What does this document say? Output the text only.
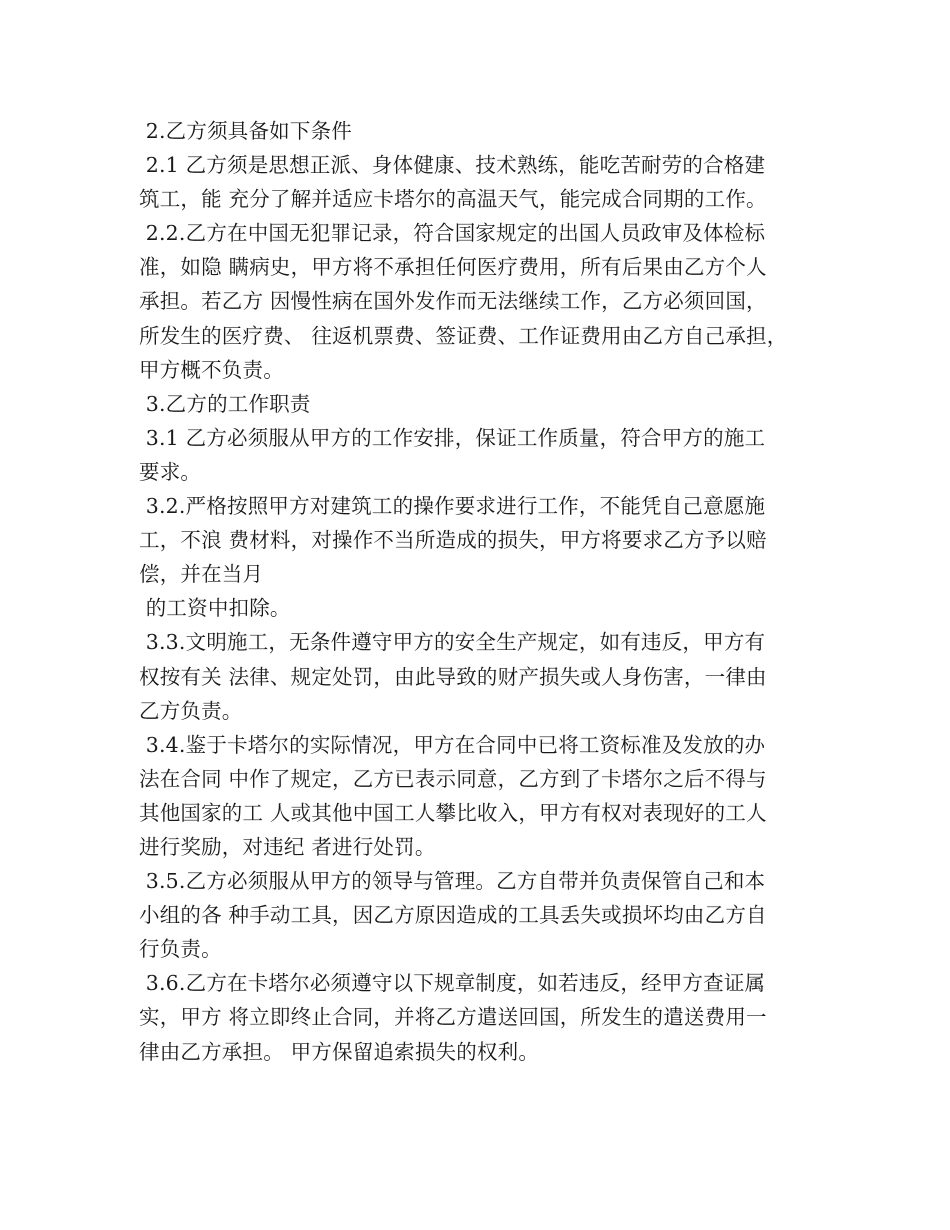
2.乙方须具备如下条件
2.1 乙方须是思想正派、身体健康、技术熟练，能吃苦耐劳的合格建
筑工，能 充分了解并适应卡塔尔的高温天气，能完成合同期的工作。
2.2.乙方在中国无犯罪记录，符合国家规定的出国人员政审及体检标
准，如隐 瞒病史，甲方将不承担任何医疗费用，所有后果由乙方个人
承担。若乙方 因慢性病在国外发作而无法继续工作，乙方必须回国，
所发生的医疗费、 往返机票费、签证费、工作证费用由乙方自己承担，
甲方概不负责。
3.乙方的工作职责
3.1 乙方必须服从甲方的工作安排，保证工作质量，符合甲方的施工
要求。
3.2.严格按照甲方对建筑工的操作要求进行工作，不能凭自己意愿施
工，不浪 费材料，对操作不当所造成的损失，甲方将要求乙方予以赔
偿，并在当月
的工资中扣除。
3.3.文明施工，无条件遵守甲方的安全生产规定，如有违反，甲方有
权按有关 法律、规定处罚，由此导致的财产损失或人身伤害，一律由
乙方负责。
3.4.鉴于卡塔尔的实际情况，甲方在合同中已将工资标准及发放的办
法在合同 中作了规定，乙方已表示同意，乙方到了卡塔尔之后不得与
其他国家的工 人或其他中国工人攀比收入，甲方有权对表现好的工人
进行奖励，对违纪 者进行处罚。
3.5.乙方必须服从甲方的领导与管理。乙方自带并负责保管自己和本
小组的各 种手动工具，因乙方原因造成的工具丢失或损坏均由乙方自
行负责。
3.6.乙方在卡塔尔必须遵守以下规章制度，如若违反，经甲方查证属
实，甲方 将立即终止合同，并将乙方遣送回国，所发生的遣送费用一
律由乙方承担。 甲方保留追索损失的权利。
